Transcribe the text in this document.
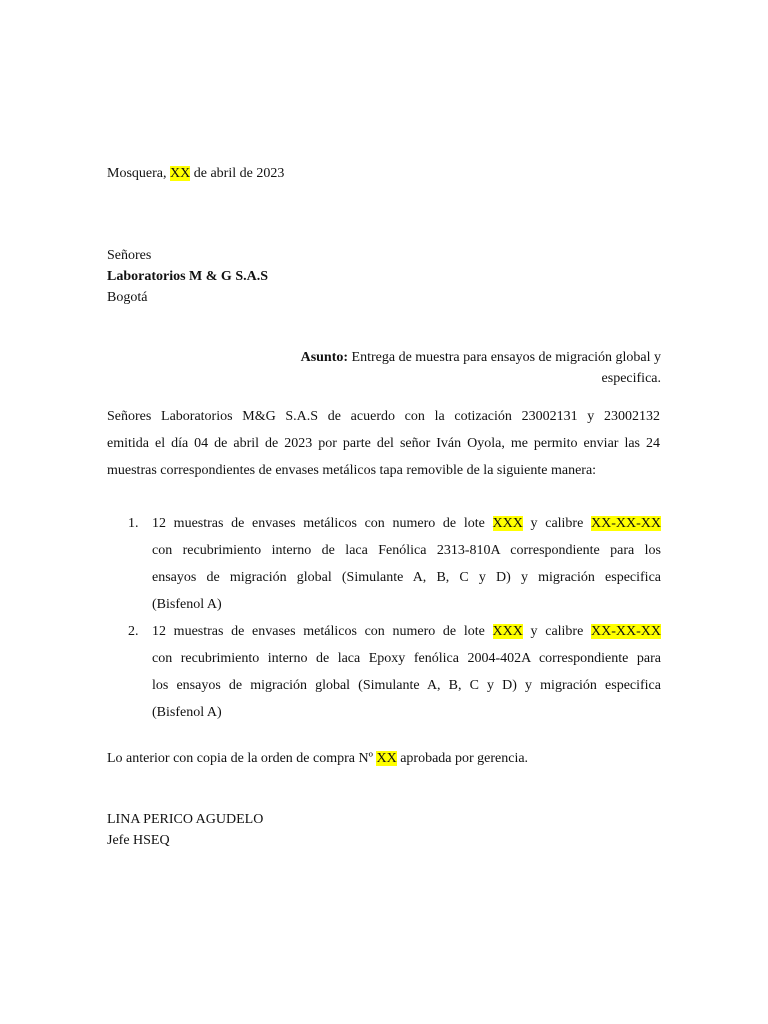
Mosquera, XX de abril de 2023
Señores
Laboratorios M & G S.A.S
Bogotá
Asunto: Entrega de muestra para ensayos de migración global y especifica.
Señores Laboratorios M&G S.A.S de acuerdo con la cotización 23002131 y 23002132
emitida el día 04 de abril de 2023 por parte del señor Iván Oyola, me permito enviar las 24
muestras correspondientes de envases metálicos tapa removible de la siguiente manera:
1. 12 muestras de envases metálicos con numero de lote XXX y calibre XX-XX-XX
con recubrimiento interno de laca Fenólica 2313-810A correspondiente para los
ensayos de migración global (Simulante A, B, C y D) y migración especifica
(Bisfenol A)
2. 12 muestras de envases metálicos con numero de lote XXX y calibre XX-XX-XX
con recubrimiento interno de laca Epoxy fenólica 2004-402A correspondiente para
los ensayos de migración global (Simulante A, B, C y D) y migración especifica
(Bisfenol A)
Lo anterior con copia de la orden de compra Nº XX aprobada por gerencia.
LINA PERICO AGUDELO
Jefe HSEQ
